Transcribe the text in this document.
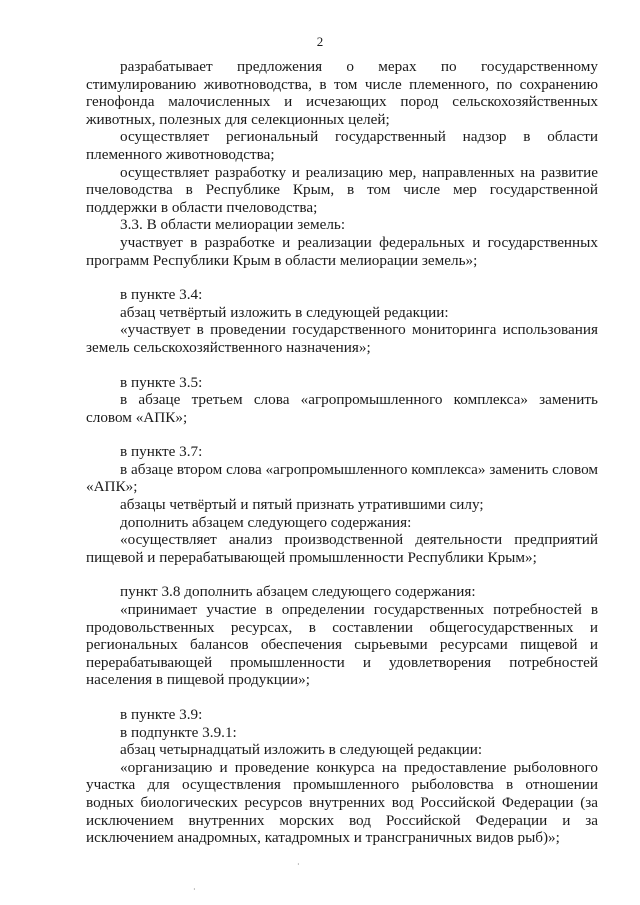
2

разрабатывает предложения о мерах по государственному стимулированию животноводства, в том числе племенного, по сохранению генофонда малочисленных и исчезающих пород сельскохозяйственных животных, полезных для селекционных целей;

осуществляет региональный государственный надзор в области племенного животноводства;

осуществляет разработку и реализацию мер, направленных на развитие пчеловодства в Республике Крым, в том числе мер государственной поддержки в области пчеловодства;

3.3. В области мелиорации земель:

участвует в разработке и реализации федеральных и государственных программ Республики Крым в области мелиорации земель»;

в пункте 3.4:

абзац четвёртый изложить в следующей редакции:

«участвует в проведении государственного мониторинга использования земель сельскохозяйственного назначения»;

в пункте 3.5:

в абзаце третьем слова «агропромышленного комплекса» заменить словом «АПК»;

в пункте 3.7:

в абзаце втором слова «агропромышленного комплекса» заменить словом «АПК»;

абзацы четвёртый и пятый признать утратившими силу;

дополнить абзацем следующего содержания:

«осуществляет анализ производственной деятельности предприятий пищевой и перерабатывающей промышленности Республики Крым»;

пункт 3.8 дополнить абзацем следующего содержания:

«принимает участие в определении государственных потребностей в продовольственных ресурсах, в составлении общегосударственных и региональных балансов обеспечения сырьевыми ресурсами пищевой и перерабатывающей промышленности и удовлетворения потребностей населения в пищевой продукции»;

в пункте 3.9:

в подпункте 3.9.1:

абзац четырнадцатый изложить в следующей редакции:

«организацию и проведение конкурса на предоставление рыболовного участка для осуществления промышленного рыболовства в отношении водных биологических ресурсов внутренних вод Российской Федерации (за исключением внутренних морских вод Российской Федерации и за исключением анадромных, катадромных и трансграничных видов рыб)»;

·
·
